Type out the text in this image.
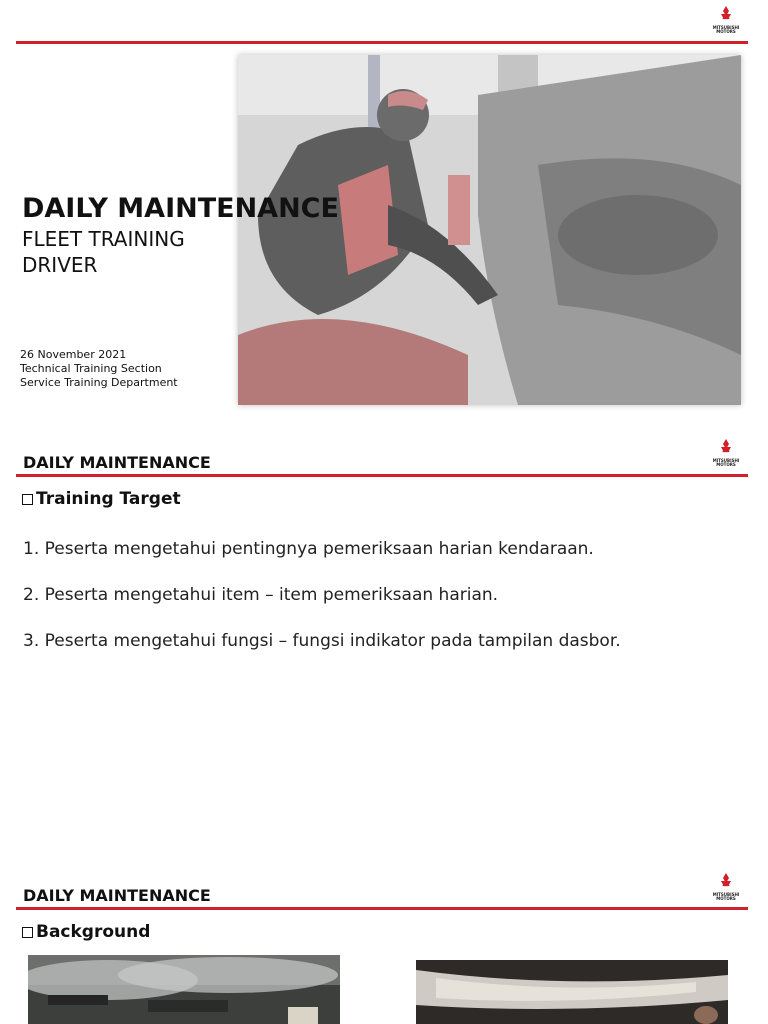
MITSUBISHI
MOTORS
DAILY MAINTENANCE
FLEET TRAINING
DRIVER
26 November 2021
Technical Training Section
Service Training Department
MITSUBISHI
MOTORS
DAILY MAINTENANCE
Training Target
1. Peserta mengetahui pentingnya pemeriksaan harian kendaraan.
2. Peserta mengetahui item – item pemeriksaan harian.
3. Peserta mengetahui fungsi – fungsi indikator pada tampilan dasbor.
MITSUBISHI
MOTORS
DAILY MAINTENANCE
Background
